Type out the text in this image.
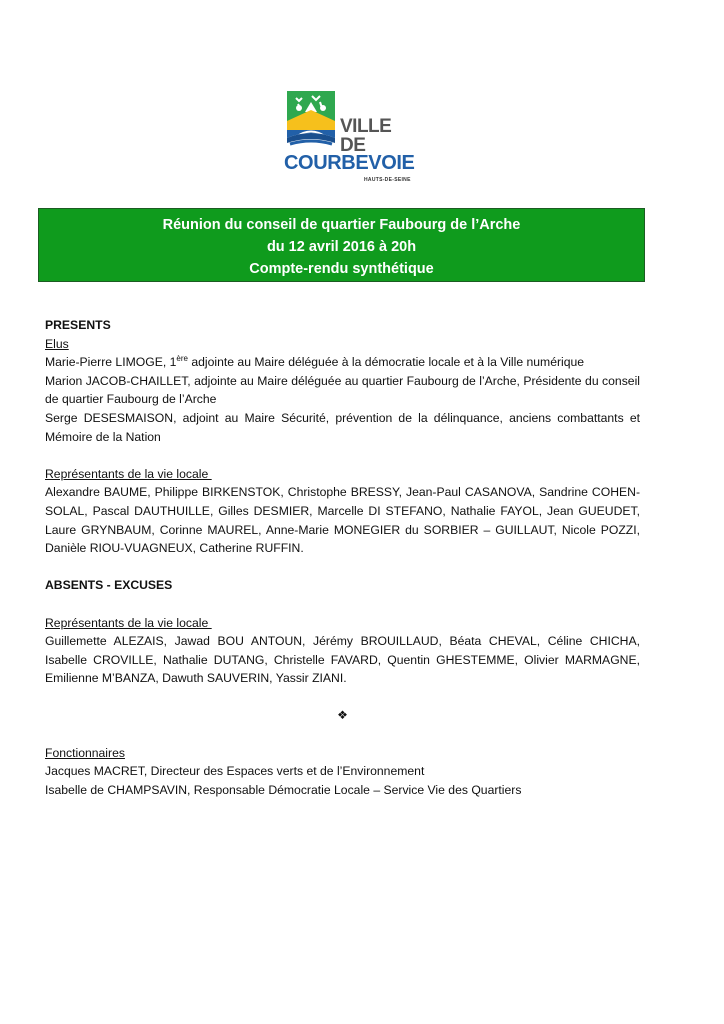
VILLE
DE
COURBEVOIE
HAUTS-DE-SEINE
Réunion du conseil de quartier Faubourg de l’Arche
du 12 avril 2016 à 20h
Compte-rendu synthétique

PRESENTS

Elus

Marie-Pierre LIMOGE, 1ère adjointe au Maire déléguée à la démocratie locale et à la Ville numérique

Marion JACOB-CHAILLET, adjointe au Maire déléguée au quartier Faubourg de l’Arche, Présidente du conseil de quartier Faubourg de l’Arche

Serge DESESMAISON, adjoint au Maire Sécurité, prévention de la délinquance, anciens combattants et Mémoire de la Nation

Représentants de la vie locale

Alexandre BAUME, Philippe BIRKENSTOK, Christophe BRESSY, Jean-Paul CASANOVA, Sandrine COHEN-SOLAL, Pascal DAUTHUILLE, Gilles DESMIER, Marcelle DI STEFANO, Nathalie FAYOL, Jean GUEUDET, Laure GRYNBAUM, Corinne MAUREL, Anne-Marie MONEGIER du SORBIER – GUILLAUT, Nicole POZZI, Danièle RIOU-VUAGNEUX, Catherine RUFFIN.

ABSENTS - EXCUSES

Représentants de la vie locale

Guillemette ALEZAIS, Jawad BOU ANTOUN, Jérémy BROUILLAUD, Béata CHEVAL, Céline CHICHA, Isabelle CROVILLE, Nathalie DUTANG, Christelle FAVARD, Quentin GHESTEMME, Olivier MARMAGNE, Emilienne M’BANZA, Dawuth SAUVERIN, Yassir ZIANI.

❖

Fonctionnaires

Jacques MACRET, Directeur des Espaces verts et de l’Environnement

Isabelle de CHAMPSAVIN, Responsable Démocratie Locale – Service Vie des Quartiers
